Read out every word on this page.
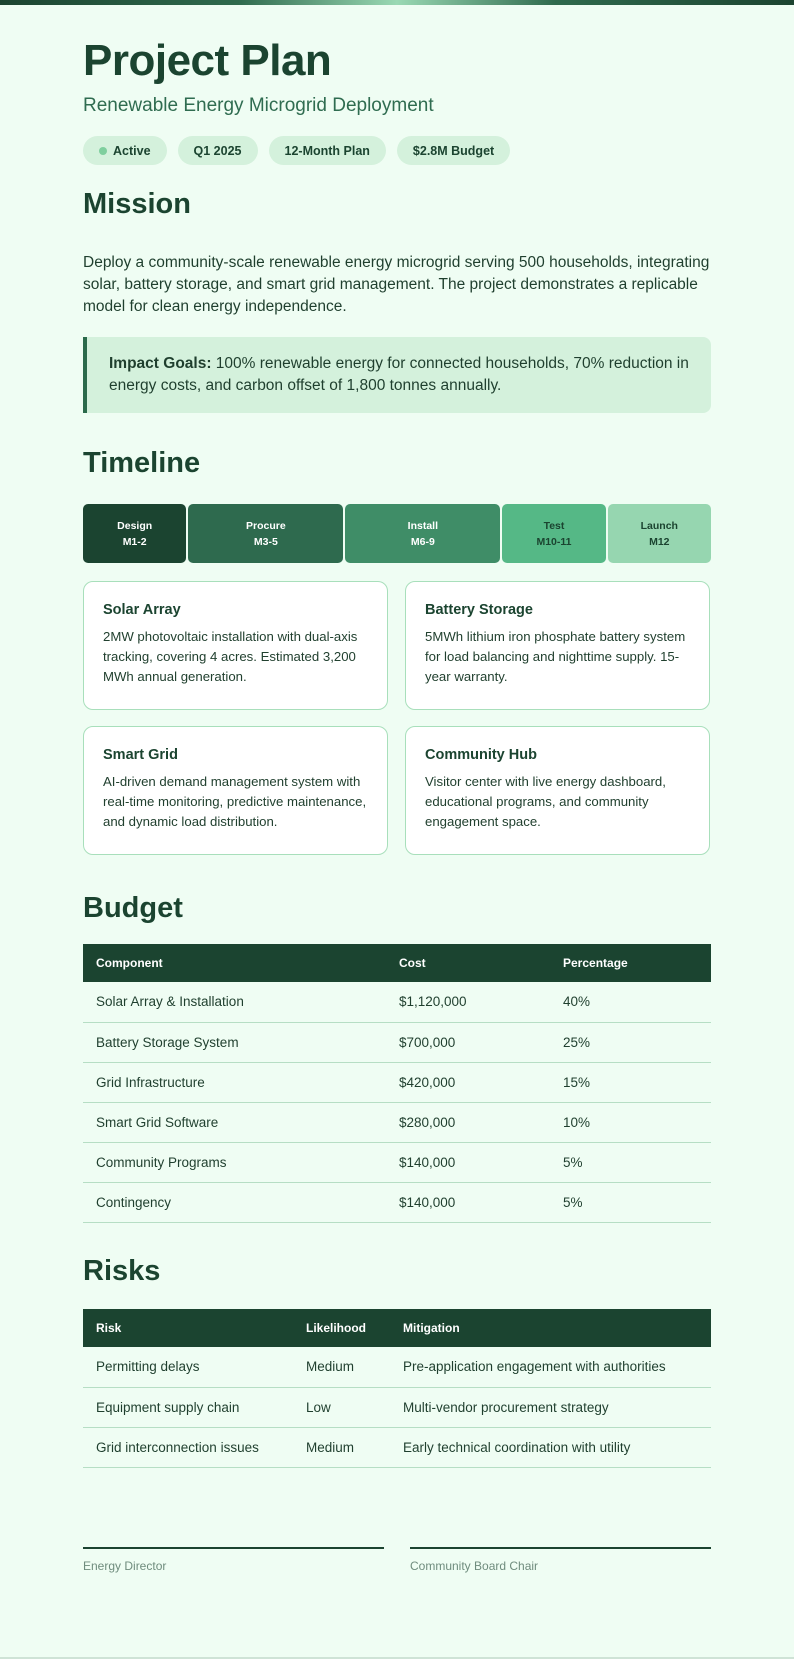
Project Plan
Renewable Energy Microgrid Deployment
Active	Q1 2025	12-Month Plan	$2.8M Budget
Mission

Deploy a community-scale renewable energy microgrid serving 500 households, integrating solar, battery storage, and smart grid management. The project demonstrates a replicable model for clean energy independence.

Impact Goals: 100% renewable energy for connected households, 70% reduction in energy costs, and carbon offset of 1,800 tonnes annually.
Timeline
Design
M1-2
Procure
M3-5
Install
M6-9
Test
M10-11
Launch
M12
Solar Array

2MW photovoltaic installation with dual-axis tracking, covering 4 acres. Estimated 3,200 MWh annual generation.

Battery Storage

5MWh lithium iron phosphate battery system for load balancing and nighttime supply. 15-year warranty.

Smart Grid

AI-driven demand management system with real-time monitoring, predictive maintenance, and dynamic load distribution.

Community Hub

Visitor center with live energy dashboard, educational programs, and community engagement space.

Budget
Component	Cost	Percentage
Solar Array & Installation	$1,120,000	40%
Battery Storage System	$700,000	25%
Grid Infrastructure	$420,000	15%
Smart Grid Software	$280,000	10%
Community Programs	$140,000	5%
Contingency	$140,000	5%
Risks
Risk	Likelihood	Mitigation
Permitting delays	Medium	Pre-application engagement with authorities
Equipment supply chain	Low	Multi-vendor procurement strategy
Grid interconnection issues	Medium	Early technical coordination with utility
Energy Director	Community Board Chair
